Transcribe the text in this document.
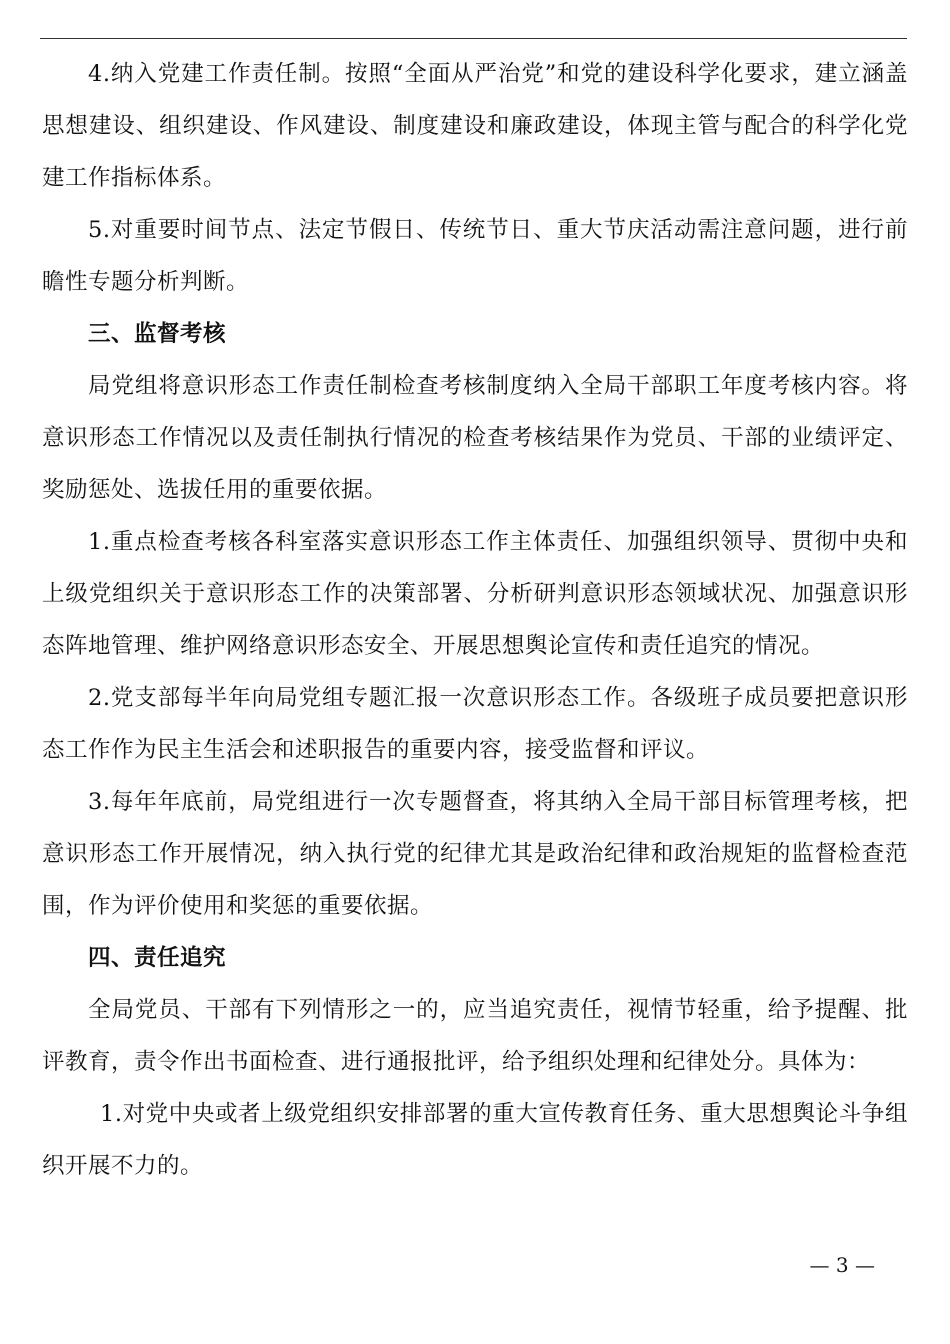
4.纳入党建工作责任制。按照“全面从严治党”和党的建设科学化要求，建立涵盖思想建设、组织建设、作风建设、制度建设和廉政建设，体现主管与配合的科学化党建工作指标体系。

5.对重要时间节点、法定节假日、传统节日、重大节庆活动需注意问题，进行前瞻性专题分析判断。

三、监督考核

局党组将意识形态工作责任制检查考核制度纳入全局干部职工年度考核内容。将意识形态工作情况以及责任制执行情况的检查考核结果作为党员、干部的业绩评定、奖励惩处、选拔任用的重要依据。

1.重点检查考核各科室落实意识形态工作主体责任、加强组织领导、贯彻中央和上级党组织关于意识形态工作的决策部署、分析研判意识形态领域状况、加强意识形态阵地管理、维护网络意识形态安全、开展思想舆论宣传和责任追究的情况。

2.党支部每半年向局党组专题汇报一次意识形态工作。各级班子成员要把意识形态工作作为民主生活会和述职报告的重要内容，接受监督和评议。

3.每年年底前，局党组进行一次专题督查，将其纳入全局干部目标管理考核，把意识形态工作开展情况，纳入执行党的纪律尤其是政治纪律和政治规矩的监督检查范围，作为评价使用和奖惩的重要依据。

四、责任追究

全局党员、干部有下列情形之一的，应当追究责任，视情节轻重，给予提醒、批评教育，责令作出书面检查、进行通报批评，给予组织处理和纪律处分。具体为：

1.对党中央或者上级党组织安排部署的重大宣传教育任务、重大思想舆论斗争组织开展不力的。

— 3 —
